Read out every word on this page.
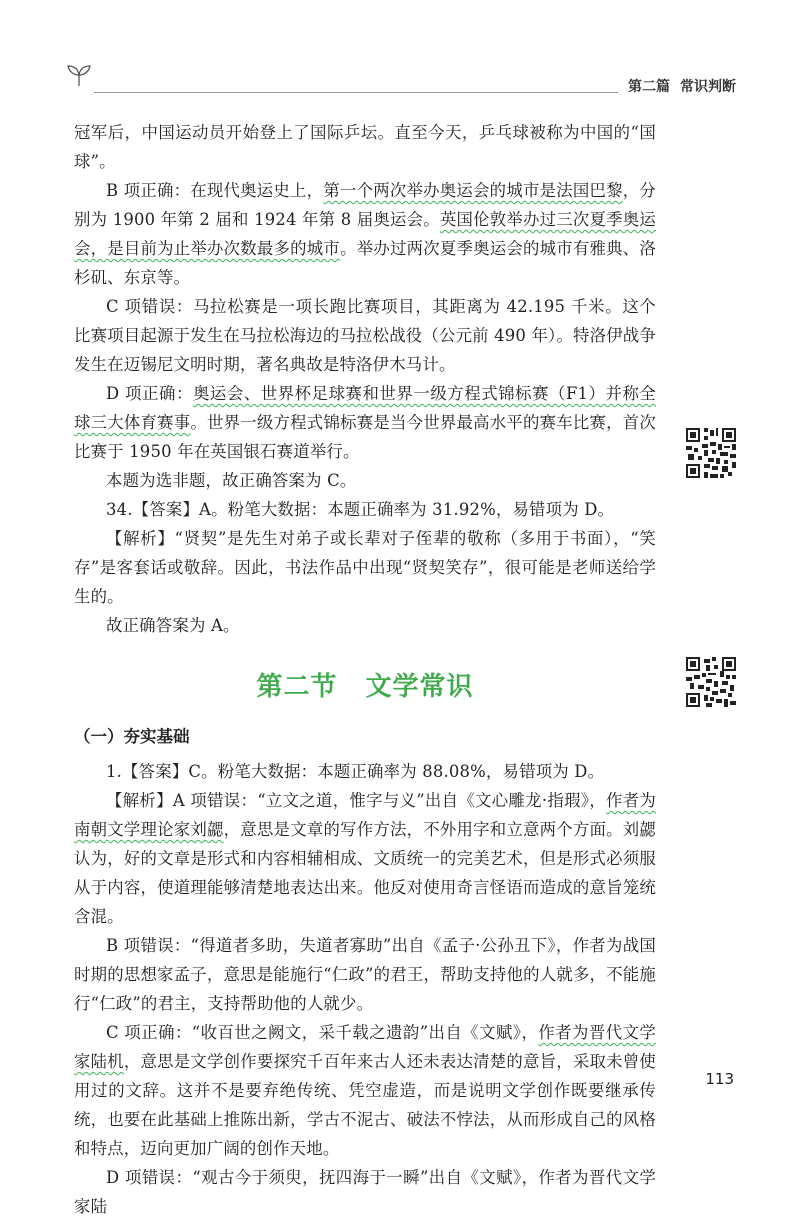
第二篇 常识判断

冠军后，中国运动员开始登上了国际乒坛。直至今天，乒乓球被称为中国的“国球”。

B 项正确：在现代奥运史上，第一个两次举办奥运会的城市是法国巴黎，分别为 1900 年第 2 届和 1924 年第 8 届奥运会。英国伦敦举办过三次夏季奥运会，是目前为止举办次数最多的城市。举办过两次夏季奥运会的城市有雅典、洛杉矶、东京等。

C 项错误：马拉松赛是一项长跑比赛项目，其距离为 42.195 千米。这个比赛项目起源于发生在马拉松海边的马拉松战役（公元前 490 年）。特洛伊战争发生在迈锡尼文明时期，著名典故是特洛伊木马计。

D 项正确：奥运会、世界杯足球赛和世界一级方程式锦标赛（F1）并称全球三大体育赛事。世界一级方程式锦标赛是当今世界最高水平的赛车比赛，首次比赛于 1950 年在英国银石赛道举行。

本题为选非题，故正确答案为 C。

34.【答案】A。粉笔大数据：本题正确率为 31.92%，易错项为 D。

【解析】“贤契”是先生对弟子或长辈对子侄辈的敬称（多用于书面），“笑存”是客套话或敬辞。因此，书法作品中出现“贤契笑存”，很可能是老师送给学生的。

故正确答案为 A。

第二节 文学常识
（一）夯实基础

1.【答案】C。粉笔大数据：本题正确率为 88.08%，易错项为 D。

【解析】A 项错误：“立文之道，惟字与义”出自《文心雕龙·指瑕》，作者为南朝文学理论家刘勰，意思是文章的写作方法，不外用字和立意两个方面。刘勰认为，好的文章是形式和内容相辅相成、文质统一的完美艺术，但是形式必须服从于内容，使道理能够清楚地表达出来。他反对使用奇言怪语而造成的意旨笼统含混。

B 项错误：“得道者多助，失道者寡助”出自《孟子·公孙丑下》，作者为战国时期的思想家孟子，意思是能施行“仁政”的君王，帮助支持他的人就多，不能施行“仁政”的君主，支持帮助他的人就少。

C 项正确：“收百世之阙文，采千载之遗韵”出自《文赋》，作者为晋代文学家陆机，意思是文学创作要探究千百年来古人还未表达清楚的意旨，采取未曾使用过的文辞。这并不是要弃绝传统、凭空虚造，而是说明文学创作既要继承传统，也要在此基础上推陈出新，学古不泥古、破法不悖法，从而形成自己的风格和特点，迈向更加广阔的创作天地。

D 项错误：“观古今于须臾，抚四海于一瞬”出自《文赋》，作者为晋代文学家陆

113
